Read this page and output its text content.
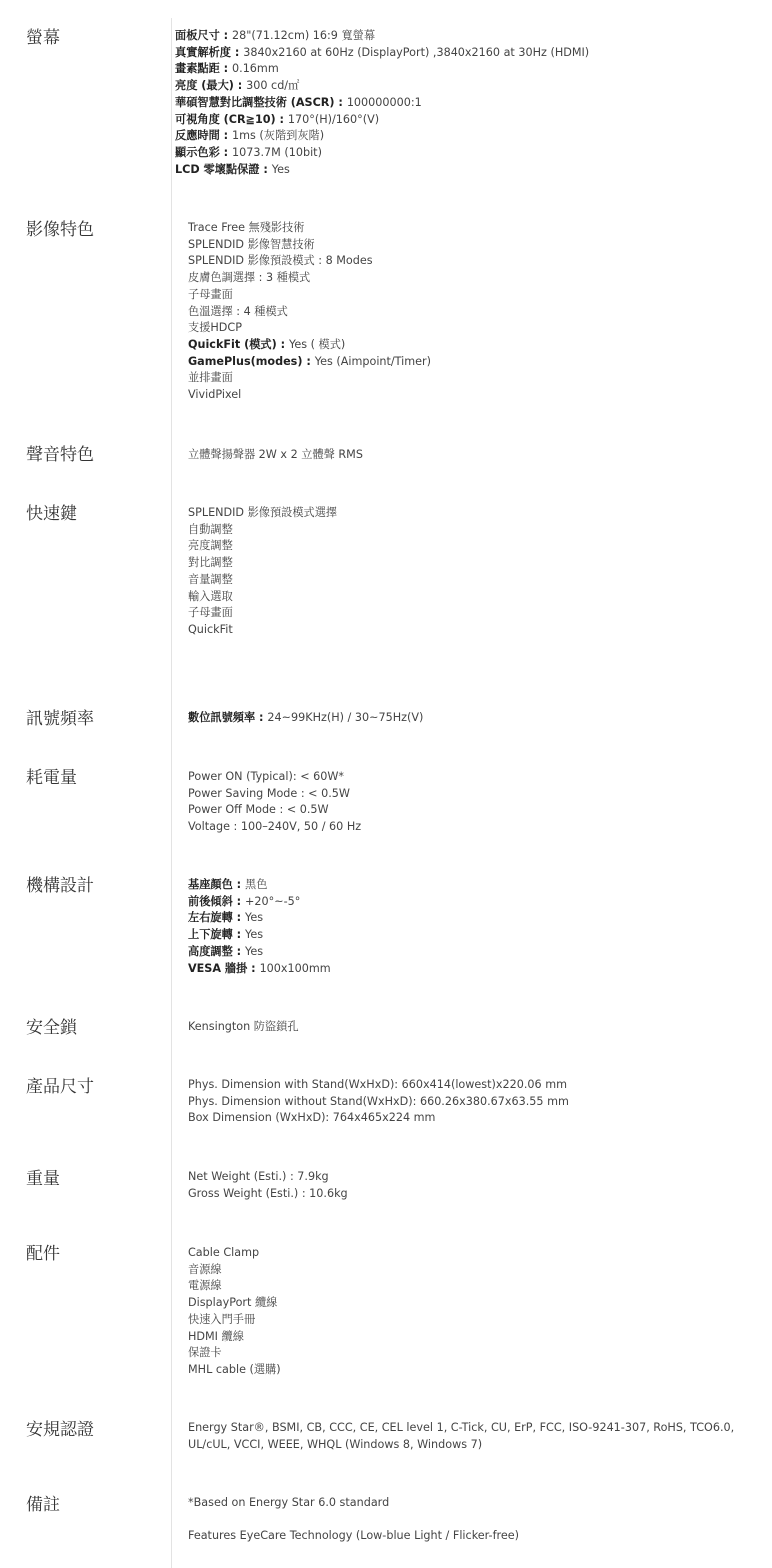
螢幕	面板尺寸 : 28"(71.12cm) 16:9 寬螢幕
真實解析度 : 3840x2160 at 60Hz (DisplayPort) ,3840x2160 at 30Hz (HDMI)
畫素點距 : 0.16mm
亮度 (最大) : 300 cd/㎡
華碩智慧對比調整技術 (ASCR) : 100000000:1
可視角度 (CR≧10) : 170°(H)/160°(V)
反應時間 : 1ms (灰階到灰階)
顯示色彩 : 1073.7M (10bit)
LCD 零壞點保證 : Yes
影像特色	Trace Free 無殘影技術
SPLENDID 影像智慧技術
SPLENDID 影像預設模式 : 8 Modes
皮膚色調選擇 : 3 種模式
子母畫面
色溫選擇 : 4 種模式
支援HDCP
QuickFit (模式) : Yes ( 模式)
GamePlus(modes) : Yes (Aimpoint/Timer)
並排畫面
VividPixel
聲音特色	立體聲揚聲器 2W x 2 立體聲 RMS
快速鍵	SPLENDID 影像預設模式選擇
自動調整
亮度調整
對比調整
音量調整
輸入選取
子母畫面
QuickFit
訊號頻率	數位訊號頻率 : 24~99KHz(H) / 30~75Hz(V)
耗電量	Power ON (Typical): < 60W*
Power Saving Mode : < 0.5W
Power Off Mode : < 0.5W
Voltage : 100–240V, 50 / 60 Hz
機構設計	基座顏色 : 黑色
前後傾斜 : +20°~-5°
左右旋轉 : Yes
上下旋轉 : Yes
高度調整 : Yes
VESA 牆掛 : 100x100mm
安全鎖	Kensington 防盜鎖孔
產品尺寸	Phys. Dimension with Stand(WxHxD): 660x414(lowest)x220.06 mm
Phys. Dimension without Stand(WxHxD): 660.26x380.67x63.55 mm
Box Dimension (WxHxD): 764x465x224 mm
重量	Net Weight (Esti.) : 7.9kg
Gross Weight (Esti.) : 10.6kg
配件	Cable Clamp
音源線
電源線
DisplayPort 纜線
快速入門手冊
HDMI 纜線
保證卡
MHL cable (選購)
安規認證	Energy Star®, BSMI, CB, CCC, CE, CEL level 1, C-Tick, CU, ErP, FCC, ISO-9241-307, RoHS, TCO6.0, UL/cUL, VCCI, WEEE, WHQL (Windows 8, Windows 7)
備註	*Based on Energy Star 6.0 standard
Features EyeCare Technology (Low-blue Light / Flicker-free)
